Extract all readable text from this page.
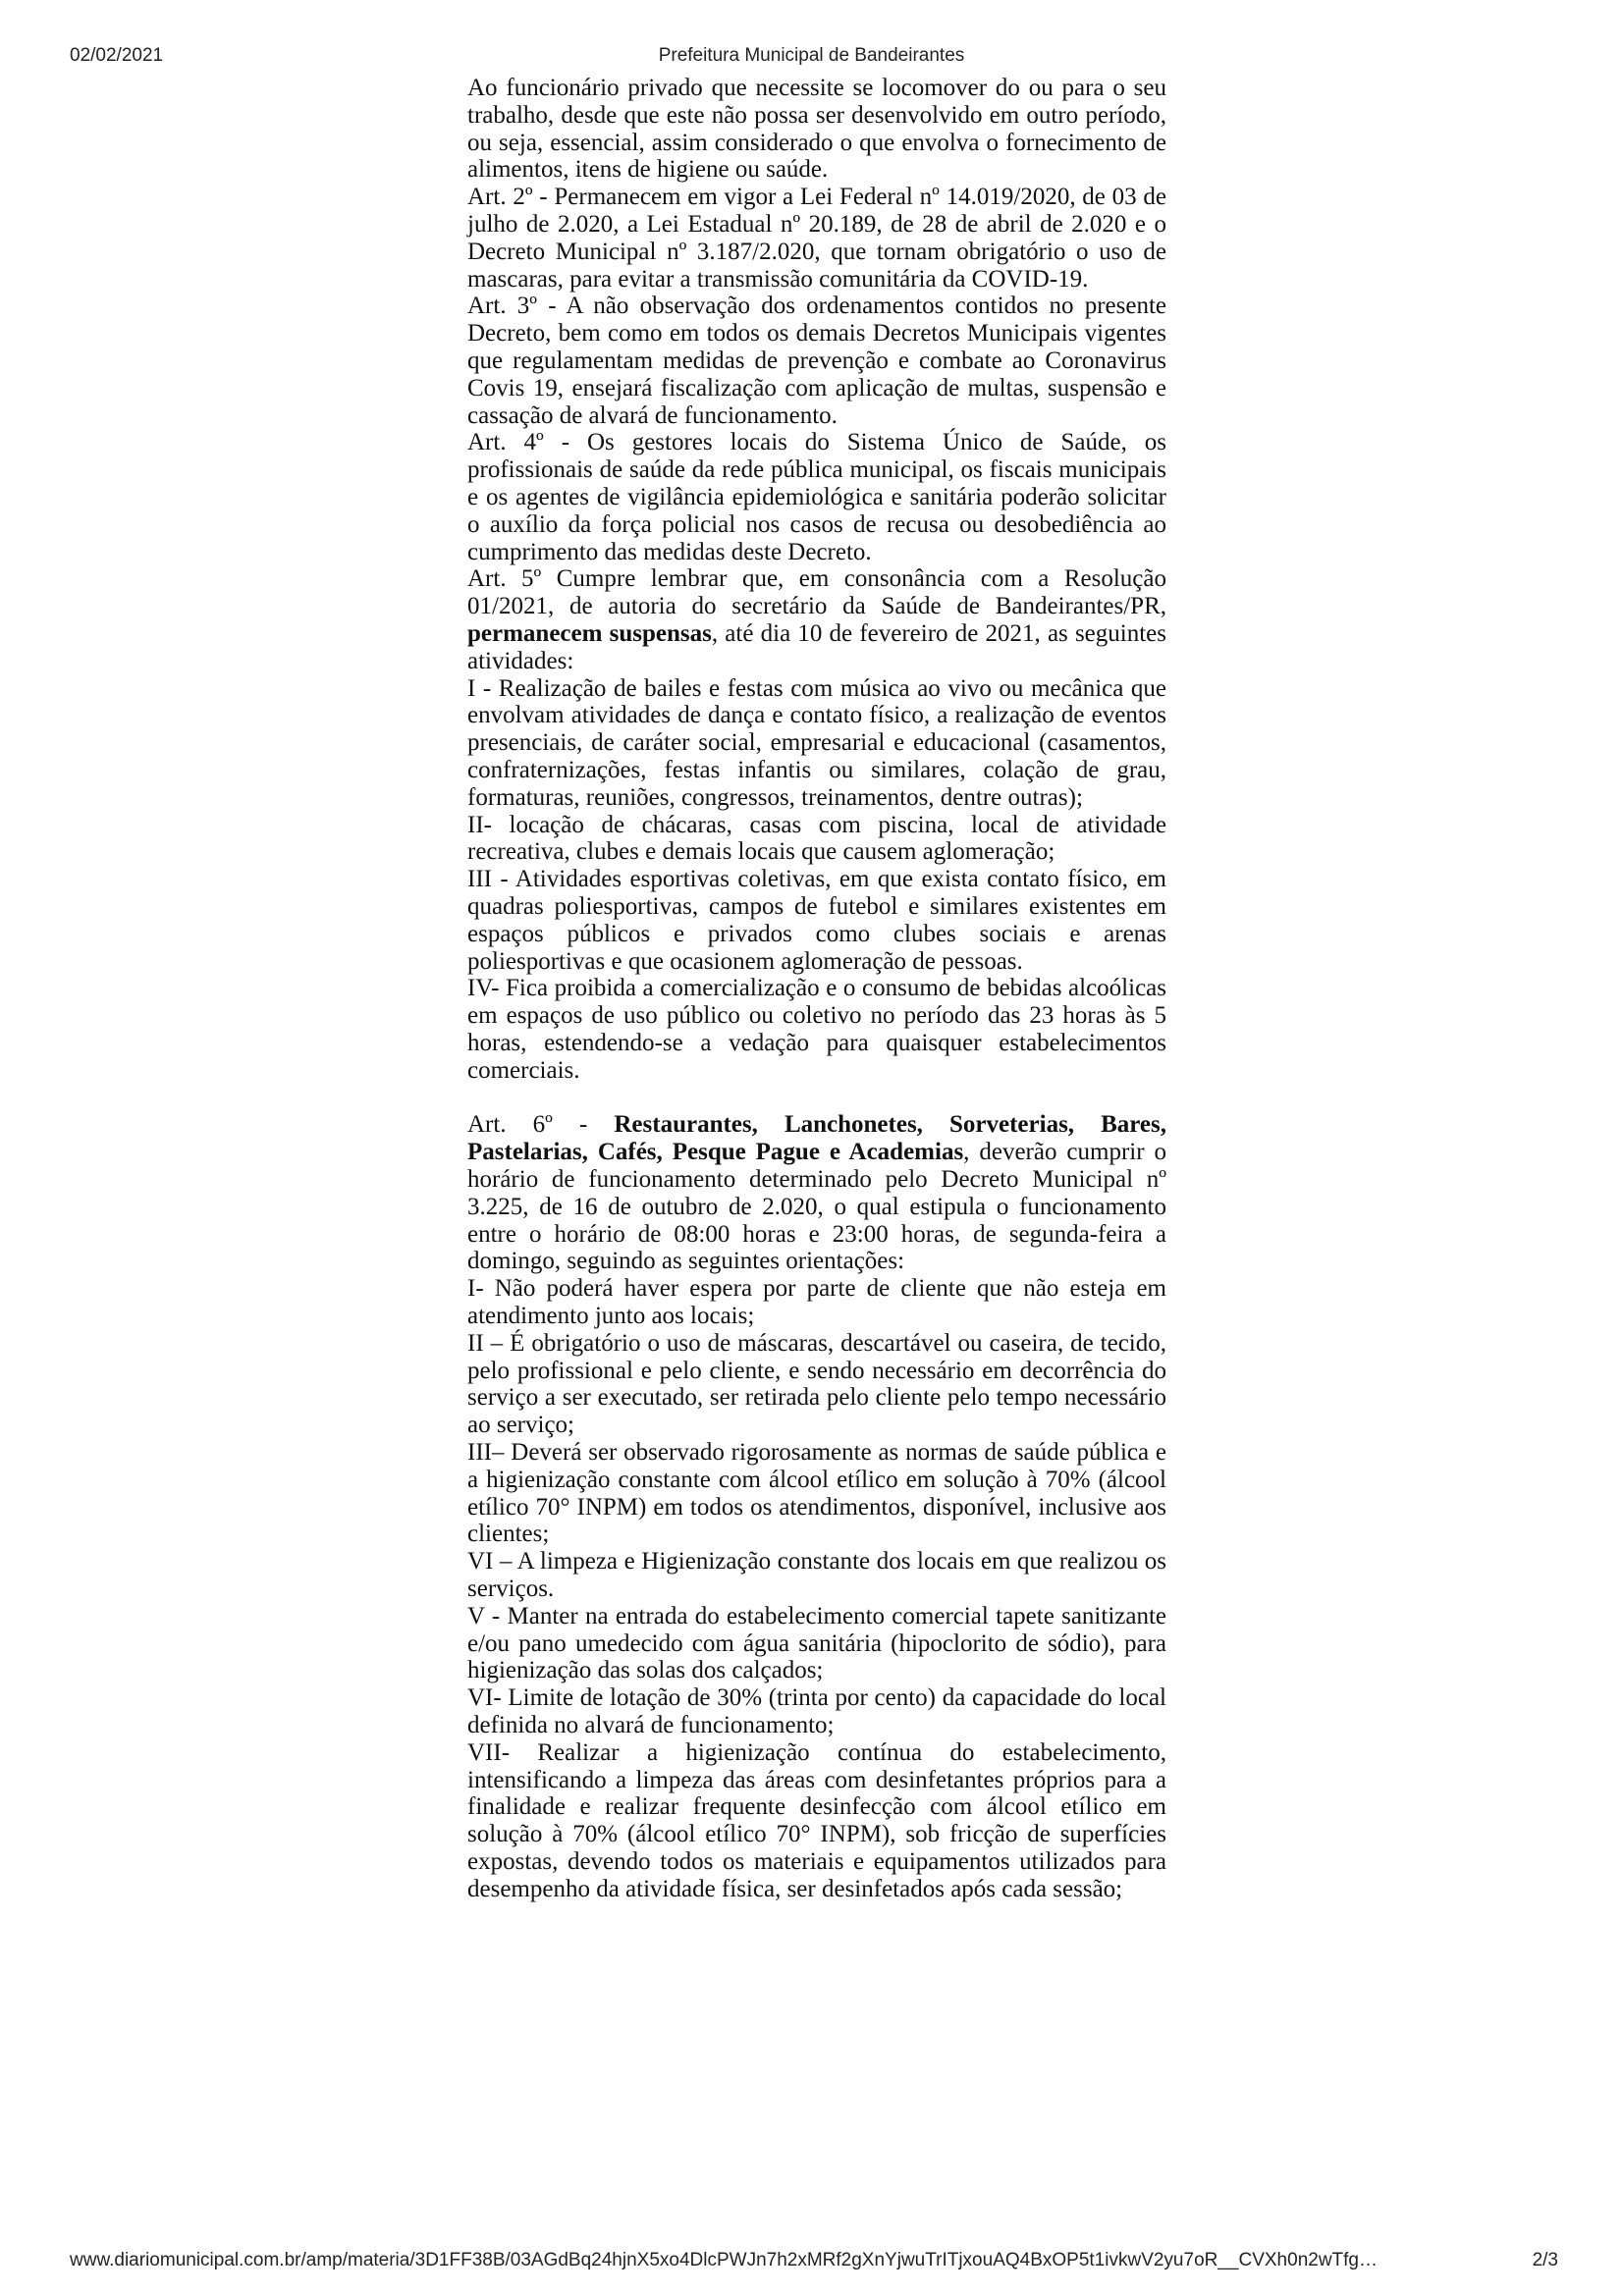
02/02/2021	Prefeitura Municipal de Bandeirantes

Ao funcionário privado que necessite se locomover do ou para o seu trabalho, desde que este não possa ser desenvolvido em outro período, ou seja, essencial, assim considerado o que envolva o fornecimento de alimentos, itens de higiene ou saúde.

Art. 2º - Permanecem em vigor a Lei Federal nº 14.019/2020, de 03 de julho de 2.020, a Lei Estadual nº 20.189, de 28 de abril de 2.020 e o Decreto Municipal nº 3.187/2.020, que tornam obrigatório o uso de mascaras, para evitar a transmissão comunitária da COVID-19.

Art. 3º - A não observação dos ordenamentos contidos no presente Decreto, bem como em todos os demais Decretos Municipais vigentes que regulamentam medidas de prevenção e combate ao Coronavirus Covis 19, ensejará fiscalização com aplicação de multas, suspensão e cassação de alvará de funcionamento.

Art. 4º - Os gestores locais do Sistema Único de Saúde, os profissionais de saúde da rede pública municipal, os fiscais municipais e os agentes de vigilância epidemiológica e sanitária poderão solicitar o auxílio da força policial nos casos de recusa ou desobediência ao cumprimento das medidas deste Decreto.

Art. 5º Cumpre lembrar que, em consonância com a Resolução 01/2021, de autoria do secretário da Saúde de Bandeirantes/PR, permanecem suspensas, até dia 10 de fevereiro de 2021, as seguintes atividades:

I - Realização de bailes e festas com música ao vivo ou mecânica que envolvam atividades de dança e contato físico, a realização de eventos presenciais, de caráter social, empresarial e educacional (casamentos, confraternizações, festas infantis ou similares, colação de grau, formaturas, reuniões, congressos, treinamentos, dentre outras);

II- locação de chácaras, casas com piscina, local de atividade recreativa, clubes e demais locais que causem aglomeração;

III - Atividades esportivas coletivas, em que exista contato físico, em quadras poliesportivas, campos de futebol e similares existentes em espaços públicos e privados como clubes sociais e arenas poliesportivas e que ocasionem aglomeração de pessoas.

IV- Fica proibida a comercialização e o consumo de bebidas alcoólicas em espaços de uso público ou coletivo no período das 23 horas às 5 horas, estendendo-se a vedação para quaisquer estabelecimentos comerciais.

Art. 6º - Restaurantes, Lanchonetes, Sorveterias, Bares, Pastelarias, Cafés, Pesque Pague e Academias, deverão cumprir o horário de funcionamento determinado pelo Decreto Municipal nº 3.225, de 16 de outubro de 2.020, o qual estipula o funcionamento entre o horário de 08:00 horas e 23:00 horas, de segunda-feira a domingo, seguindo as seguintes orientações:

I- Não poderá haver espera por parte de cliente que não esteja em atendimento junto aos locais;

II – É obrigatório o uso de máscaras, descartável ou caseira, de tecido, pelo profissional e pelo cliente, e sendo necessário em decorrência do serviço a ser executado, ser retirada pelo cliente pelo tempo necessário ao serviço;

III– Deverá ser observado rigorosamente as normas de saúde pública e a higienização constante com álcool etílico em solução à 70% (álcool etílico 70° INPM) em todos os atendimentos, disponível, inclusive aos clientes;

VI – A limpeza e Higienização constante dos locais em que realizou os serviços.

V - Manter na entrada do estabelecimento comercial tapete sanitizante e/ou pano umedecido com água sanitária (hipoclorito de sódio), para higienização das solas dos calçados;

VI- Limite de lotação de 30% (trinta por cento) da capacidade do local definida no alvará de funcionamento;

VII- Realizar a higienização contínua do estabelecimento, intensificando a limpeza das áreas com desinfetantes próprios para a finalidade e realizar frequente desinfecção com álcool etílico em solução à 70% (álcool etílico 70° INPM), sob fricção de superfícies expostas, devendo todos os materiais e equipamentos utilizados para desempenho da atividade física, ser desinfetados após cada sessão;

www.diariomunicipal.com.br/amp/materia/3D1FF38B/03AGdBq24hjnX5xo4DlcPWJn7h2xMRf2gXnYjwuTrITjxouAQ4BxOP5t1ivkwV2yu7oR__CVXh0n2wTfg…	2/3
